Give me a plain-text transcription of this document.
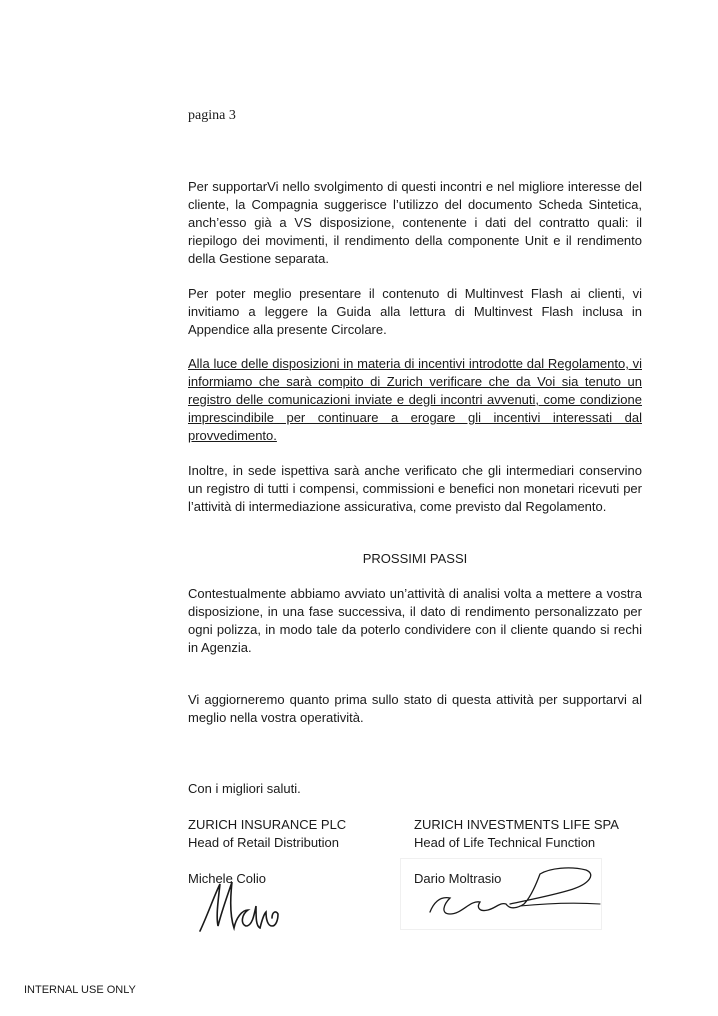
pagina 3

Per supportarVi nello svolgimento di questi incontri e nel migliore interesse del cliente, la Compagnia suggerisce l’utilizzo del documento Scheda Sintetica, anch’esso già a VS disposizione, contenente i dati del contratto quali: il riepilogo dei movimenti, il rendimento della componente Unit e il rendimento della Gestione separata.

Per poter meglio presentare il contenuto di Multinvest Flash ai clienti, vi invitiamo a leggere la Guida alla lettura di Multinvest Flash inclusa in Appendice alla presente Circolare.

Alla luce delle disposizioni in materia di incentivi introdotte dal Regolamento, vi informiamo che sarà compito di Zurich verificare che da Voi sia tenuto un registro delle comunicazioni inviate e degli incontri avvenuti, come condizione imprescindibile per continuare a erogare gli incentivi interessati dal provvedimento.

Inoltre, in sede ispettiva sarà anche verificato che gli intermediari conservino un registro di tutti i compensi, commissioni e benefici non monetari ricevuti per l’attività di intermediazione assicurativa, come previsto dal Regolamento.

PROSSIMI PASSI

Contestualmente abbiamo avviato un’attività di analisi volta a mettere a vostra disposizione, in una fase successiva, il dato di rendimento personalizzato per ogni polizza, in modo tale da poterlo condividere con il cliente quando si rechi in Agenzia.

Vi aggiorneremo quanto prima sullo stato di questa attività per supportarvi al meglio nella vostra operatività.

Con i migliori saluti.
ZURICH INSURANCE PLC
Head of Retail Distribution
Michele Colio
ZURICH INVESTMENTS LIFE SPA
Head of Life Technical Function
Dario Moltrasio
INTERNAL USE ONLY
